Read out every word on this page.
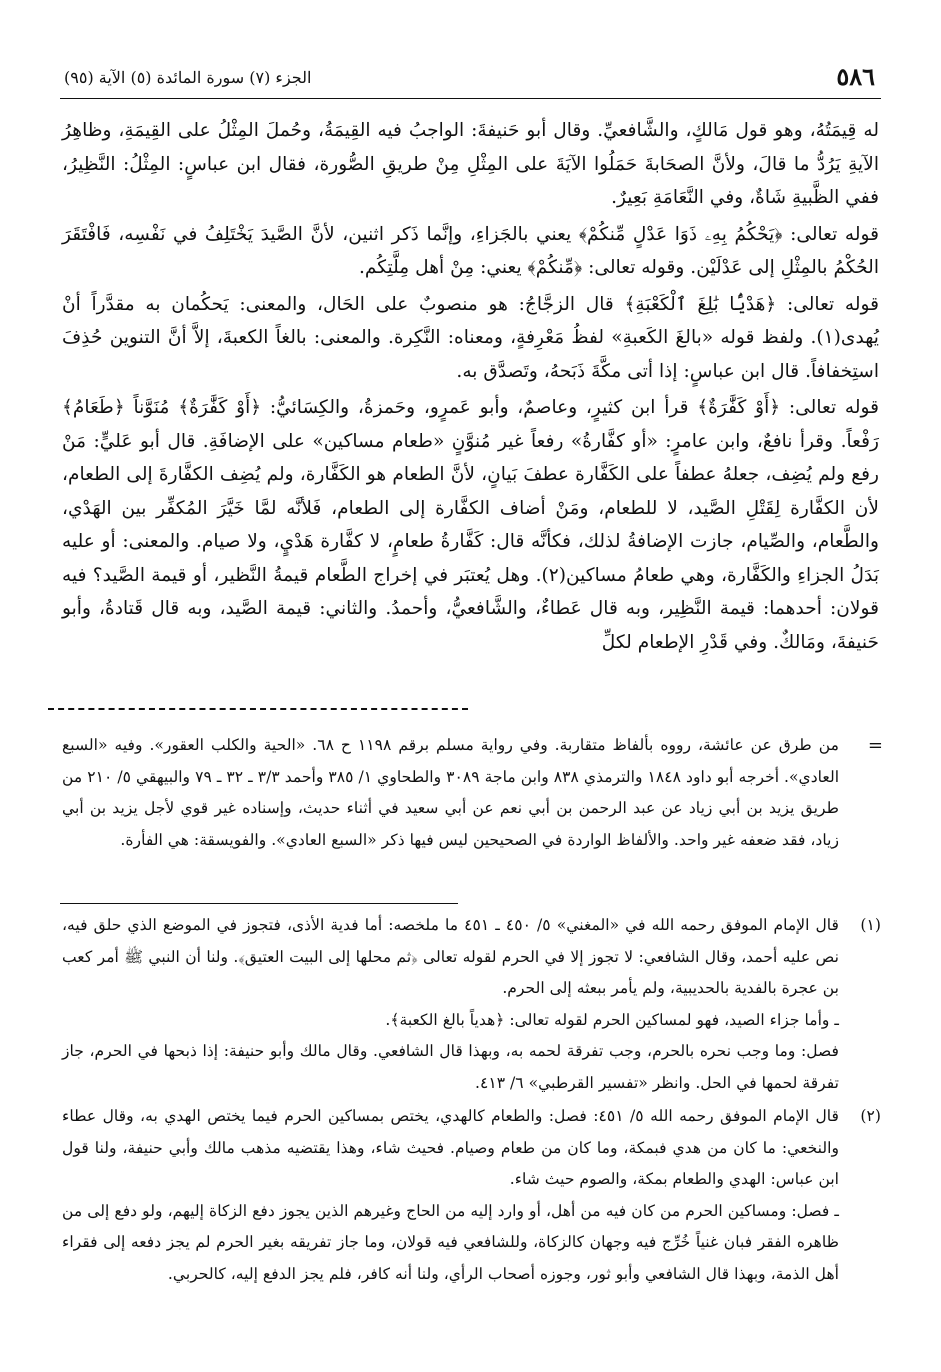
٥٨٦
الجزء (٧) سورة المائدة (٥) الآية (٩٥)

له قِيمَتُهُ، وهو قول مَالكٍ، والشَّافعيِّ. وقال أبو حَنيفةَ: الواجبُ فيه القِيمَةُ، وحُملَ المِثْلُ على القِيمَةِ، وظاهِرُ الآيةِ يَرُدُّ ما قالَ، ولأنَّ الصحَابةَ حَمَلُوا الآيَةَ على المِثْلِ مِنْ طريقِ الصُّورة، فقال ابن عباسٍ: المِثْلُ: النَّظِيرُ، ففي الظَّبيةِ شَاةٌ، وفي النَّعَامَةِ بَعِيرٌ.

قوله تعالى: ﴿يَحْكُمُ بِهِۦ ذَوَا عَدْلٍ مِّنكُمْ﴾ يعني بالجَزاءِ، وإنَّما ذَكر اثنين، لأنَّ الصَّيدَ يَخْتَلِفُ في نَفْسِه، فَافْتَقَرَ الحُكْمُ بالمِثْلِ إلى عَدْلَيْن. وقوله تعالى: ﴿مِّنكُمْ﴾ يعني: مِنْ أهل مِلَّتِكُم.

قوله تعالى: ﴿هَدْيًۢا بَٰلِغَ ٱلْكَعْبَةِ﴾ قال الزجَّاجُ: هو منصوبٌ على الحَال، والمعنى: يَحكُمان به مقدَّراً أنْ يُهدى(١). ولفظ قوله «بالغَ الكَعبةِ» لفظُ مَعْرِفةٍ، ومعناه: النَّكِرة. والمعنى: بالغاً الكعبةَ، إلاَّ أنَّ التنوين حُذِفَ استِخفافاً. قال ابن عباسٍ: إذا أتى مكَّةَ ذَبَحهُ، وتَصدَّق به.

قوله تعالى: ﴿أَوْ كَفَّٰرَةٌ﴾ قرأ ابن كثيرٍ، وعاصمٌ، وأبو عَمرٍو، وحَمزةُ، والكِسَائيُّ: ﴿أَوْ كَفَّٰرَةٌ﴾ مُنَوَّناً ﴿طَعَامُ﴾ رَفْعاً. وقرأ نافعٌ، وابن عامرٍ: «أو كفَّارةُ» رفعاً غير مُنوَّنٍ «طعام مساكين» على الإضافَةِ. قال أبو عَليٍّ: مَنْ رفع ولم يُضِف، جعلهُ عطفاً على الكَفَّارة عطفَ بَيانٍ، لأنَّ الطعام هو الكَفَّارة، ولم يُضِف الكفَّارةَ إلى الطعام، لأن الكفَّارة لِقَتْلِ الصَّيد، لا للطعام، ومَنْ أضاف الكفَّارة إلى الطعام، فَلأنَّه لمَّا خَيَّرَ المُكفِّر بين الهَدْي، والطَّعام، والصِّيام، جازت الإضافةُ لذلك، فكأنَّه قال: كَفَّارةُ طعامٍ، لا كفَّارة هَدْيٍ، ولا صيام. والمعنى: أو عليه بَدَلُ الجزاءِ والكَفَّارة، وهي طعامُ مساكين(٢). وهل يُعتبَر في إخراج الطَّعام قيمةُ النَّظير، أو قيمة الصَّيد؟ فيه قولان: أحدهما: قيمة النَّظِير، وبه قال عَطاءٌ، والشَّافعيُّ، وأحمدُ. والثاني: قيمة الصَّيد، وبه قال قَتادةُ، وأبو حَنيفةَ، ومَالكٌ. وفي قَدْرِ الإطعام لكلِّ

=
من طرق عن عائشة، رووه بألفاظ متقاربة. وفي رواية مسلم برقم ١١٩٨ ح ٦٨. «الحية والكلب العقور». وفيه «السبع العادي». أخرجه أبو داود ١٨٤٨ والترمذي ٨٣٨ وابن ماجة ٣٠٨٩ والطحاوي ١/ ٣٨٥ وأحمد ٣/٣ ـ ٣٢ ـ ٧٩ والبيهقي ٥/ ٢١٠ من طريق يزيد بن أبي زياد عن عبد الرحمن بن أبي نعم عن أبي سعيد في أثناء حديث، وإسناده غير قوي لأجل يزيد بن أبي زياد، فقد ضعفه غير واحد. والألفاظ الواردة في الصحيحين ليس فيها ذكر «السبع العادي». والفويسقة: هي الفأرة.
(١)

قال الإمام الموفق رحمه الله في «المغني» ٥/ ٤٥٠ ـ ٤٥١ ما ملخصه: أما فدية الأذى، فتجوز في الموضع الذي حلق فيه، نص عليه أحمد، وقال الشافعي: لا تجوز إلا في الحرم لقوله تعالى ﴿ثم محلها إلى البيت العتيق﴾. ولنا أن النبي ﷺ أمر كعب بن عجرة بالفدية بالحديبية، ولم يأمر ببعثه إلى الحرم.

ـ وأما جزاء الصيد، فهو لمساكين الحرم لقوله تعالى: ﴿هدياً بالغ الكعبة﴾.

فصل: وما وجب نحره بالحرم، وجب تفرقة لحمه به، وبهذا قال الشافعي. وقال مالك وأبو حنيفة: إذا ذبحها في الحرم، جاز تفرقة لحمها في الحل. وانظر «تفسير القرطبي» ٦/ ٤١٣.

(٢)

قال الإمام الموفق رحمه الله ٥/ ٤٥١: فصل: والطعام كالهدي، يختص بمساكين الحرم فيما يختص الهدي به، وقال عطاء والنخعي: ما كان من هدي فبمكة، وما كان من طعام وصيام. فحيث شاء، وهذا يقتضيه مذهب مالك وأبي حنيفة، ولنا قول ابن عباس: الهدي والطعام بمكة، والصوم حيث شاء.

ـ فصل: ومساكين الحرم من كان فيه من أهل، أو وارد إليه من الحاج وغيرهم الذين يجوز دفع الزكاة إليهم، ولو دفع إلى من ظاهره الفقر فبان غنياً خُرِّج فيه وجهان كالزكاة، وللشافعي فيه قولان، وما جاز تفريقه بغير الحرم لم يجز دفعه إلى فقراء أهل الذمة، وبهذا قال الشافعي وأبو ثور، وجوزه أصحاب الرأي، ولنا أنه كافر، فلم يجز الدفع إليه، كالحربي.
